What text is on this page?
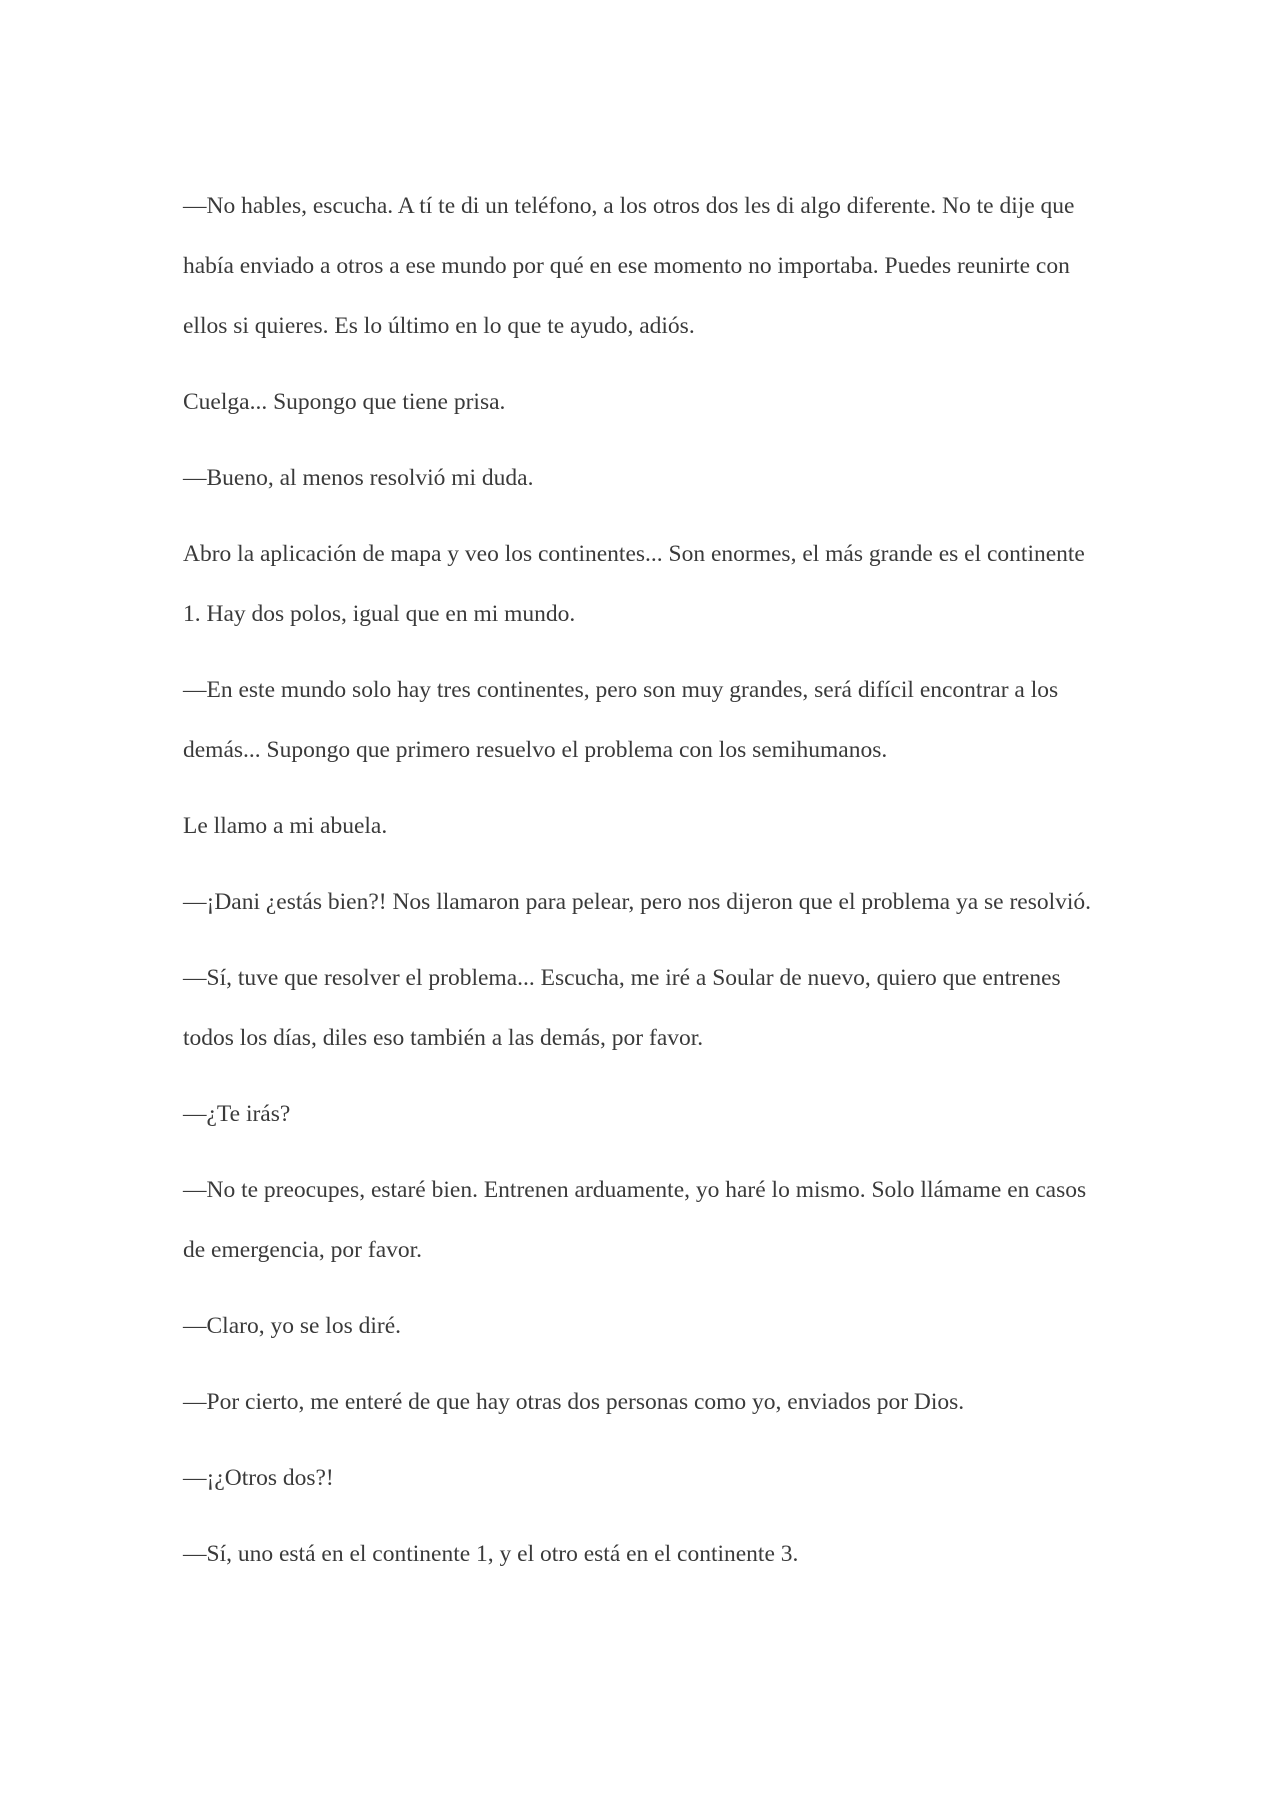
—No hables, escucha. A tí te di un teléfono, a los otros dos les di algo diferente. No te dije que había enviado a otros a ese mundo por qué en ese momento no importaba. Puedes reunirte con ellos si quieres. Es lo último en lo que te ayudo, adiós.

Cuelga... Supongo que tiene prisa.

—Bueno, al menos resolvió mi duda.

Abro la aplicación de mapa y veo los continentes... Son enormes, el más grande es el continente 1. Hay dos polos, igual que en mi mundo.

—En este mundo solo hay tres continentes, pero son muy grandes, será difícil encontrar a los demás... Supongo que primero resuelvo el problema con los semihumanos.

Le llamo a mi abuela.

—¡Dani ¿estás bien?! Nos llamaron para pelear, pero nos dijeron que el problema ya se resolvió.

—Sí, tuve que resolver el problema... Escucha, me iré a Soular de nuevo, quiero que entrenes todos los días, diles eso también a las demás, por favor.

—¿Te irás?

—No te preocupes, estaré bien. Entrenen arduamente, yo haré lo mismo. Solo llámame en casos de emergencia, por favor.

—Claro, yo se los diré.

—Por cierto, me enteré de que hay otras dos personas como yo, enviados por Dios.

—¡¿Otros dos?!

—Sí, uno está en el continente 1, y el otro está en el continente 3.
